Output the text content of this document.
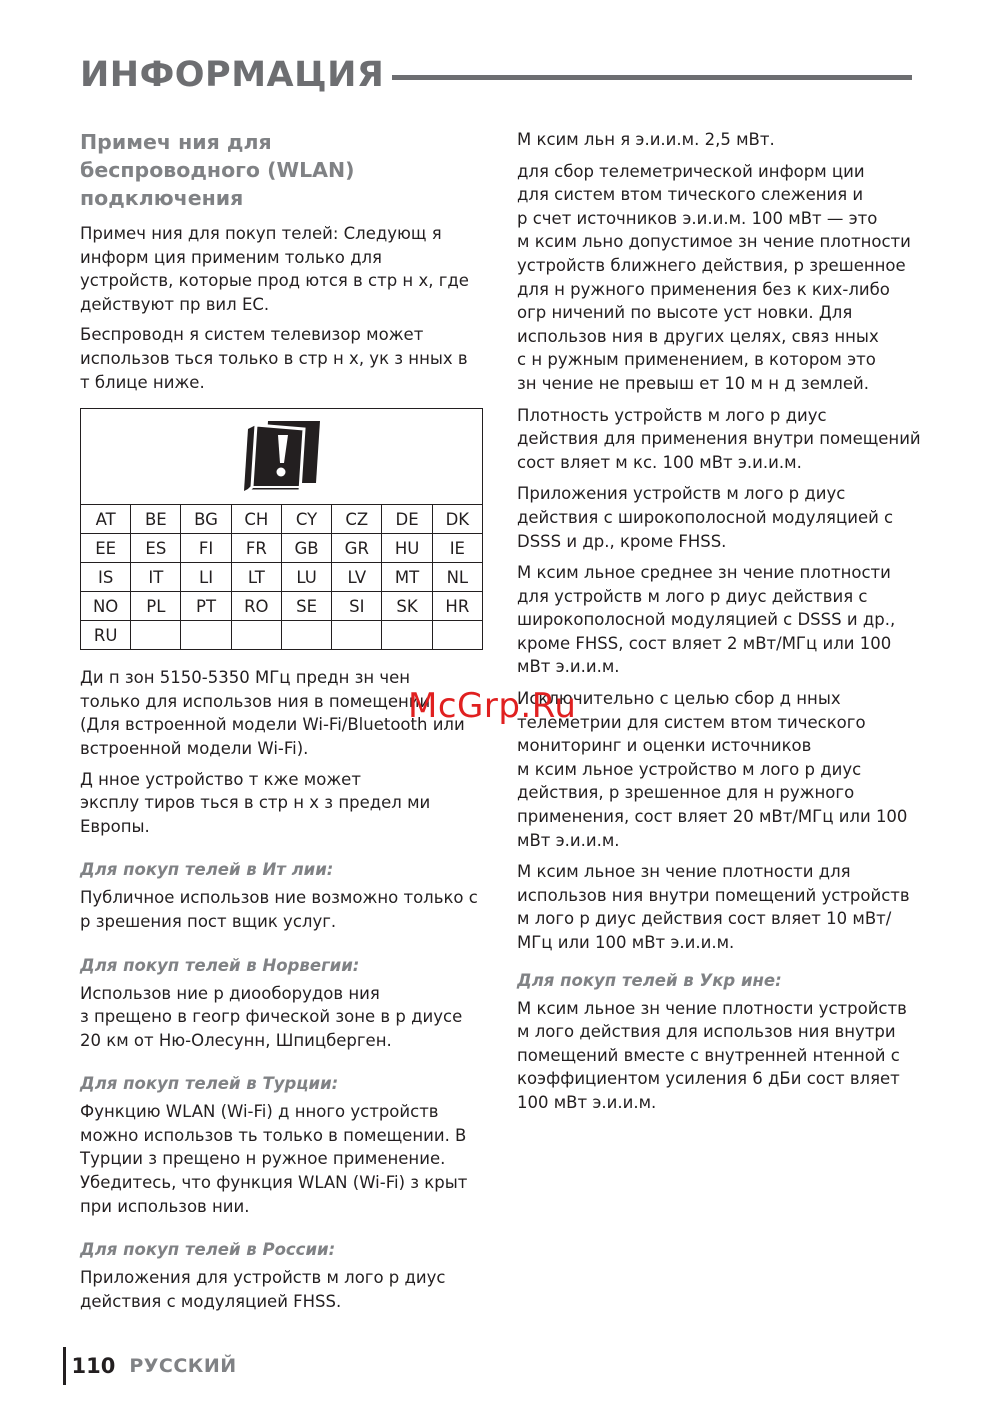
ИНФОРМАЦИЯ
Примеч ния для
беспроводного (WLAN)
подключения

Примеч ния для покуп телей: Следующ я
информ ция применим только для
устройств, которые прод ются в стр н х, где
действуют пр вил ЕС.

Беспроводн я систем телевизор может
использов ться только в стр н х, ук з нных в
т блице ниже.

AT	BE	BG	CH	CY	CZ	DE	DK
EE	ES	FI	FR	GB	GR	HU	IE
IS	IT	LI	LT	LU	LV	MT	NL
NO	PL	PT	RO	SE	SI	SK	HR
RU							

Ди п зон 5150-5350 МГц предн зн чен
только для использов ния в помещении.
(Для встроенной модели Wi-Fi/Bluetooth или
встроенной модели Wi-Fi).

Д нное устройство т кже может
эксплу тиров ться в стр н х з предел ми
Европы.

Для покуп телей в Ит лии:

Публичное использов ние возможно только с
р зрешения пост вщик услуг.

Для покуп телей в Норвегии:

Использов ние р диооборудов ния
з прещено в геогр фической зоне в р диусе
20 км от Ню-Олесунн, Шпицберген.

Для покуп телей в Турции:

Функцию WLAN (Wi-Fi) д нного устройств
можно использов ть только в помещении. В
Турции з прещено н ружное применение.
Убедитесь, что функция WLAN (Wi-Fi) з крыт
при использов нии.

Для покуп телей в России:

Приложения для устройств м лого р диус
действия с модуляцией FHSS.

М ксим льн я э.и.и.м. 2,5 мВт.

для сбор телеметрической информ ции
для систем втом тического слежения и
р счет источников э.и.и.м. 100 мВт — это
м ксим льно допустимое зн чение плотности
устройств ближнего действия, р зрешенное
для н ружного применения без к ких-либо
огр ничений по высоте уст новки. Для
использов ния в других целях, связ нных
с н ружным применением, в котором это
зн чение не превыш ет 10 м н д землей.

Плотность устройств м лого р диус
действия для применения внутри помещений
сост вляет м кс. 100 мВт э.и.и.м.

Приложения устройств м лого р диус
действия с широкополосной модуляцией с
DSSS и др., кроме FHSS.

М ксим льное среднее зн чение плотности
для устройств м лого р диус действия с
широкополосной модуляцией с DSSS и др.,
кроме FHSS, сост вляет 2 мВт/МГц или 100
мВт э.и.и.м.

Исключительно с целью сбор д нных
телеметрии для систем втом тического
мониторинг и оценки источников
м ксим льное устройство м лого р диус
действия, р зрешенное для н ружного
применения, сост вляет 20 мВт/МГц или 100
мВт э.и.и.м.

М ксим льное зн чение плотности для
использов ния внутри помещений устройств
м лого р диус действия сост вляет 10 мВт/
МГц или 100 мВт э.и.и.м.

Для покуп телей в Укр ине:

М ксим льное зн чение плотности устройств
м лого действия для использов ния внутри
помещений вместе с внутренней нтенной с
коэффициентом усиления 6 дБи сост вляет
100 мВт э.и.и.м.

McGrp.Ru
110 РУССКИЙ
